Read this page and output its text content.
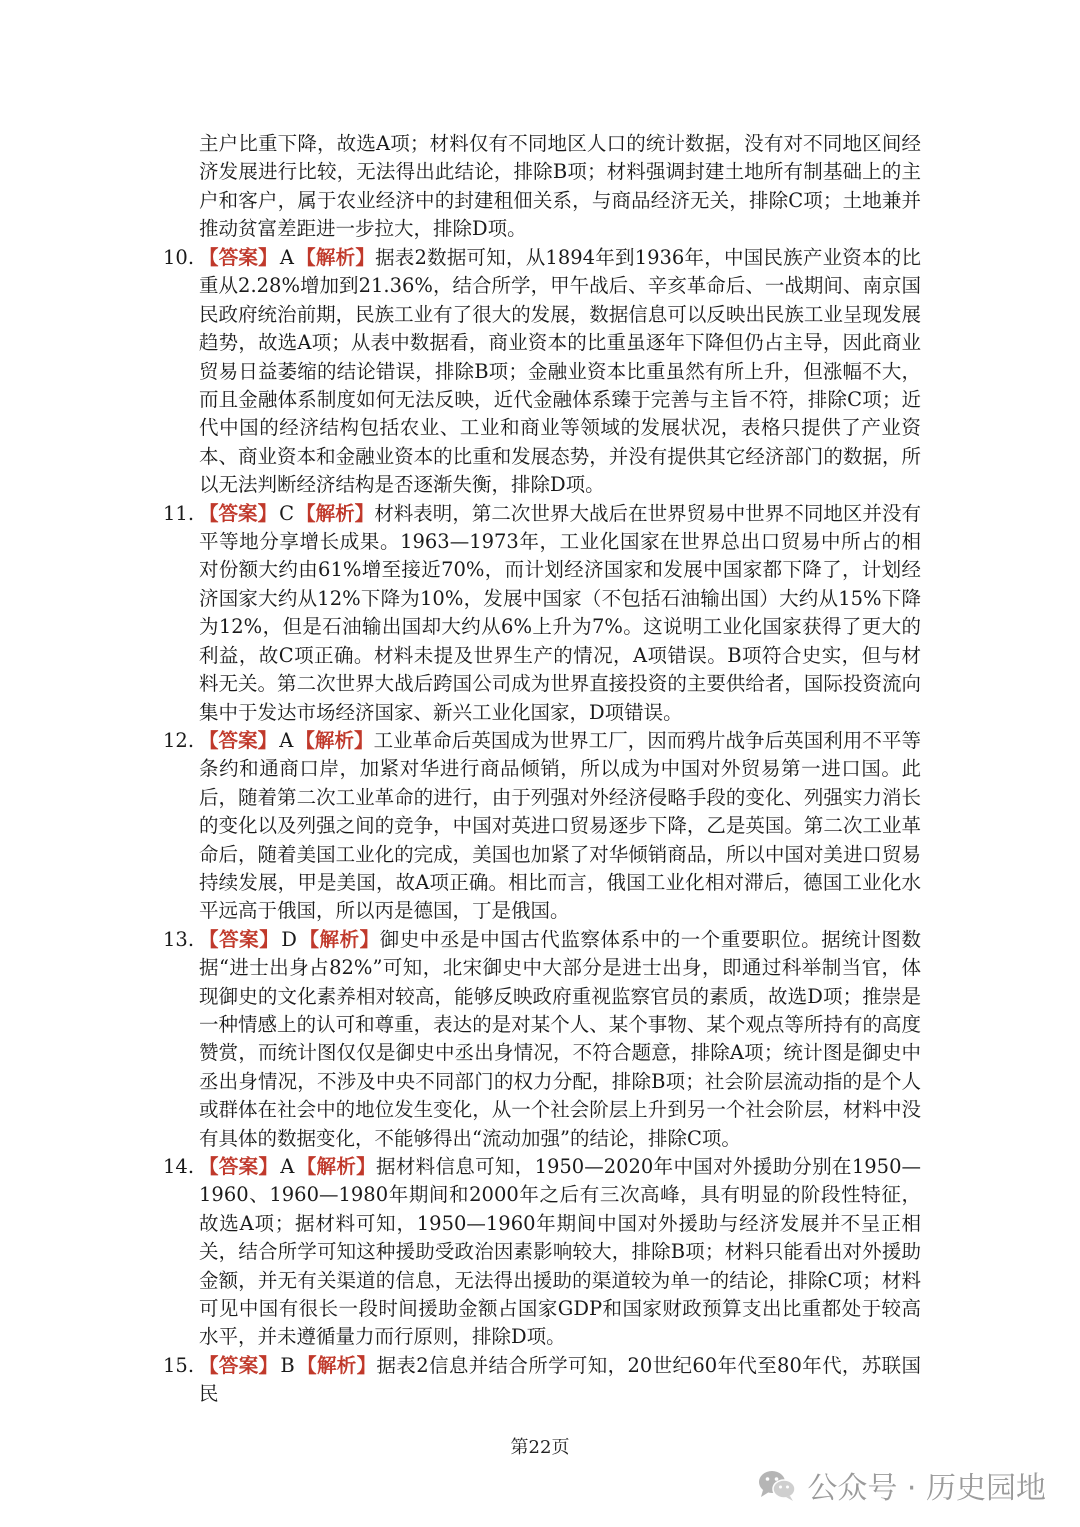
主户比重下降，故选A项；材料仅有不同地区人口的统计数据，没有对不同地区间经济发展进行比较，无法得出此结论，排除B项；材料强调封建土地所有制基础上的主户和客户，属于农业经济中的封建租佃关系，与商品经济无关，排除C项；土地兼并推动贫富差距进一步拉大，排除D项。

10. 【答案】 A 【解析】据表2数据可知，从1894年到1936年，中国民族产业资本的比重从2.28%增加到21.36%，结合所学，甲午战后、辛亥革命后、一战期间、南京国民政府统治前期，民族工业有了很大的发展，数据信息可以反映出民族工业呈现发展趋势，故选A项；从表中数据看，商业资本的比重虽逐年下降但仍占主导，因此商业贸易日益萎缩的结论错误，排除B项；金融业资本比重虽然有所上升，但涨幅不大，而且金融体系制度如何无法反映，近代金融体系臻于完善与主旨不符，排除C项；近代中国的经济结构包括农业、工业和商业等领域的发展状况，表格只提供了产业资本、商业资本和金融业资本的比重和发展态势，并没有提供其它经济部门的数据，所以无法判断经济结构是否逐渐失衡，排除D项。
11. 【答案】 C 【解析】材料表明，第二次世界大战后在世界贸易中世界不同地区并没有平等地分享增长成果。1963—1973年，工业化国家在世界总出口贸易中所占的相对份额大约由61%增至接近70%，而计划经济国家和发展中国家都下降了，计划经济国家大约从12%下降为10%，发展中国家（不包括石油输出国）大约从15%下降为12%，但是石油输出国却大约从6%上升为7%。这说明工业化国家获得了更大的利益，故C项正确。材料未提及世界生产的情况，A项错误。B项符合史实，但与材料无关。第二次世界大战后跨国公司成为世界直接投资的主要供给者，国际投资流向集中于发达市场经济国家、新兴工业化国家，D项错误。
12. 【答案】 A 【解析】工业革命后英国成为世界工厂，因而鸦片战争后英国利用不平等条约和通商口岸，加紧对华进行商品倾销，所以成为中国对外贸易第一进口国。此后，随着第二次工业革命的进行，由于列强对外经济侵略手段的变化、列强实力消长的变化以及列强之间的竞争，中国对英进口贸易逐步下降，乙是英国。第二次工业革命后，随着美国工业化的完成，美国也加紧了对华倾销商品，所以中国对美进口贸易持续发展，甲是美国，故A项正确。相比而言，俄国工业化相对滞后，德国工业化水平远高于俄国，所以丙是德国，丁是俄国。
13. 【答案】 D 【解析】御史中丞是中国古代监察体系中的一个重要职位。据统计图数据“进士出身占82%”可知，北宋御史中大部分是进士出身，即通过科举制当官，体现御史的文化素养相对较高，能够反映政府重视监察官员的素质，故选D项；推崇是一种情感上的认可和尊重，表达的是对某个人、某个事物、某个观点等所持有的高度赞赏，而统计图仅仅是御史中丞出身情况，不符合题意，排除A项；统计图是御史中丞出身情况，不涉及中央不同部门的权力分配，排除B项；社会阶层流动指的是个人或群体在社会中的地位发生变化，从一个社会阶层上升到另一个社会阶层，材料中没有具体的数据变化，不能够得出“流动加强”的结论，排除C项。
14. 【答案】 A 【解析】据材料信息可知，1950—2020年中国对外援助分别在1950—1960、1960—1980年期间和2000年之后有三次高峰，具有明显的阶段性特征，故选A项；据材料可知，1950—1960年期间中国对外援助与经济发展并不呈正相关，结合所学可知这种援助受政治因素影响较大，排除B项；材料只能看出对外援助金额，并无有关渠道的信息，无法得出援助的渠道较为单一的结论，排除C项；材料可见中国有很长一段时间援助金额占国家GDP和国家财政预算支出比重都处于较高水平，并未遵循量力而行原则，排除D项。
15. 【答案】 B 【解析】据表2信息并结合所学可知，20世纪60年代至80年代，苏联国民
第22页
公众号 · 历史园地
